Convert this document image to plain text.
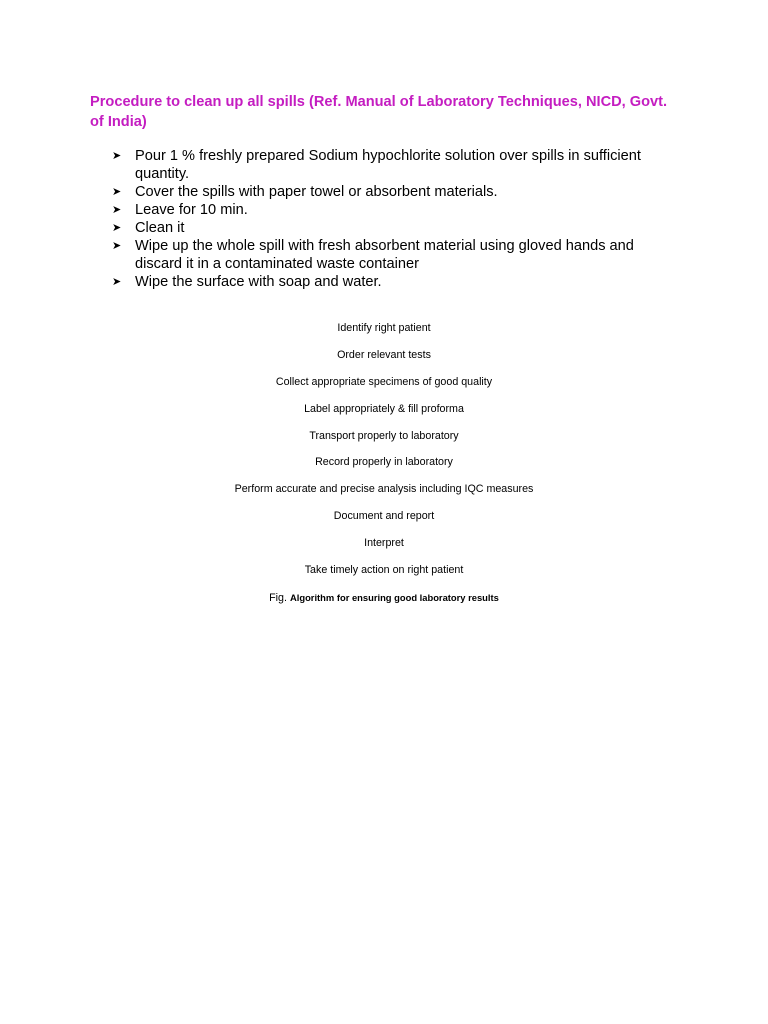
Procedure to clean up all spills (Ref. Manual of Laboratory Techniques, NICD, Govt. of India)
➤ Pour 1 % freshly prepared Sodium hypochlorite solution over spills in sufficient quantity.
➤ Cover the spills with paper towel or absorbent materials.
➤ Leave for 10 min.
➤ Clean it
➤ Wipe up the whole spill with fresh absorbent material using gloved hands and discard it in a contaminated waste container
➤ Wipe the surface with soap and water.
Identify right patient
Order relevant tests
Collect appropriate specimens of good quality
Label appropriately & fill proforma
Transport properly to laboratory
Record properly in laboratory
Perform accurate and precise analysis including IQC measures
Document and report
Interpret
Take timely action on right patient
Fig. Algorithm for ensuring good laboratory results
